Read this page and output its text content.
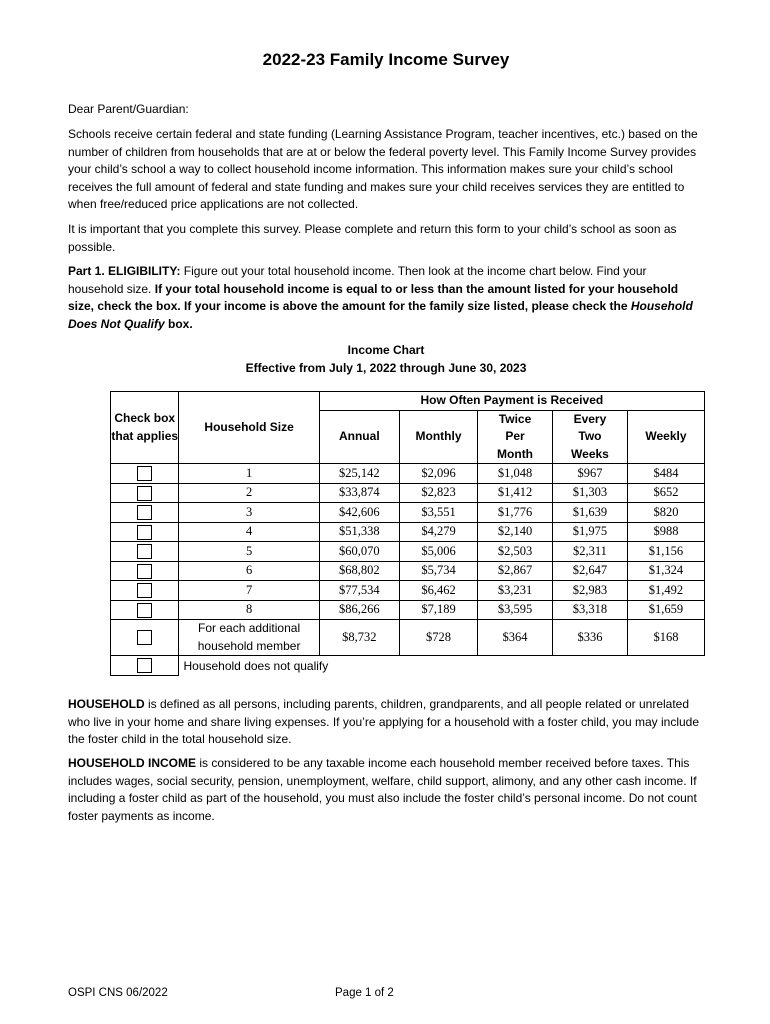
2022-23 Family Income Survey

Dear Parent/Guardian:

Schools receive certain federal and state funding (Learning Assistance Program, teacher incentives, etc.) based on the number of children from households that are at or below the federal poverty level. This Family Income Survey provides your child’s school a way to collect household income information. This information makes sure your child’s school receives the full amount of federal and state funding and makes sure your child receives services they are entitled to when free/reduced price applications are not collected.

It is important that you complete this survey. Please complete and return this form to your child’s school as soon as possible.

Part 1. ELIGIBILITY: Figure out your total household income. Then look at the income chart below. Find your household size. If your total household income is equal to or less than the amount listed for your household size, check the box. If your income is above the amount for the family size listed, please check the Household Does Not Qualify box.

Income Chart
Effective from July 1, 2022 through June 30, 2023
Check box that applies	Household Size	How Often Payment is Received				
		Annual	Monthly	Twice Per Month	Every Two Weeks	Weekly
	1	$25,142	$2,096	$1,048	$967	$484
	2	$33,874	$2,823	$1,412	$1,303	$652
	3	$42,606	$3,551	$1,776	$1,639	$820
	4	$51,338	$4,279	$2,140	$1,975	$988
	5	$60,070	$5,006	$2,503	$2,311	$1,156
	6	$68,802	$5,734	$2,867	$2,647	$1,324
	7	$77,534	$6,462	$3,231	$2,983	$1,492
	8	$86,266	$7,189	$3,595	$3,318	$1,659
	For each additional household member	$8,732	$728	$364	$336	$168
	Household does not qualify					

HOUSEHOLD is defined as all persons, including parents, children, grandparents, and all people related or unrelated who live in your home and share living expenses. If you’re applying for a household with a foster child, you may include the foster child in the total household size.

HOUSEHOLD INCOME is considered to be any taxable income each household member received before taxes. This includes wages, social security, pension, unemployment, welfare, child support, alimony, and any other cash income. If including a foster child as part of the household, you must also include the foster child’s personal income. Do not count foster payments as income.

OSPI CNS 06/2022	Page 1 of 2
